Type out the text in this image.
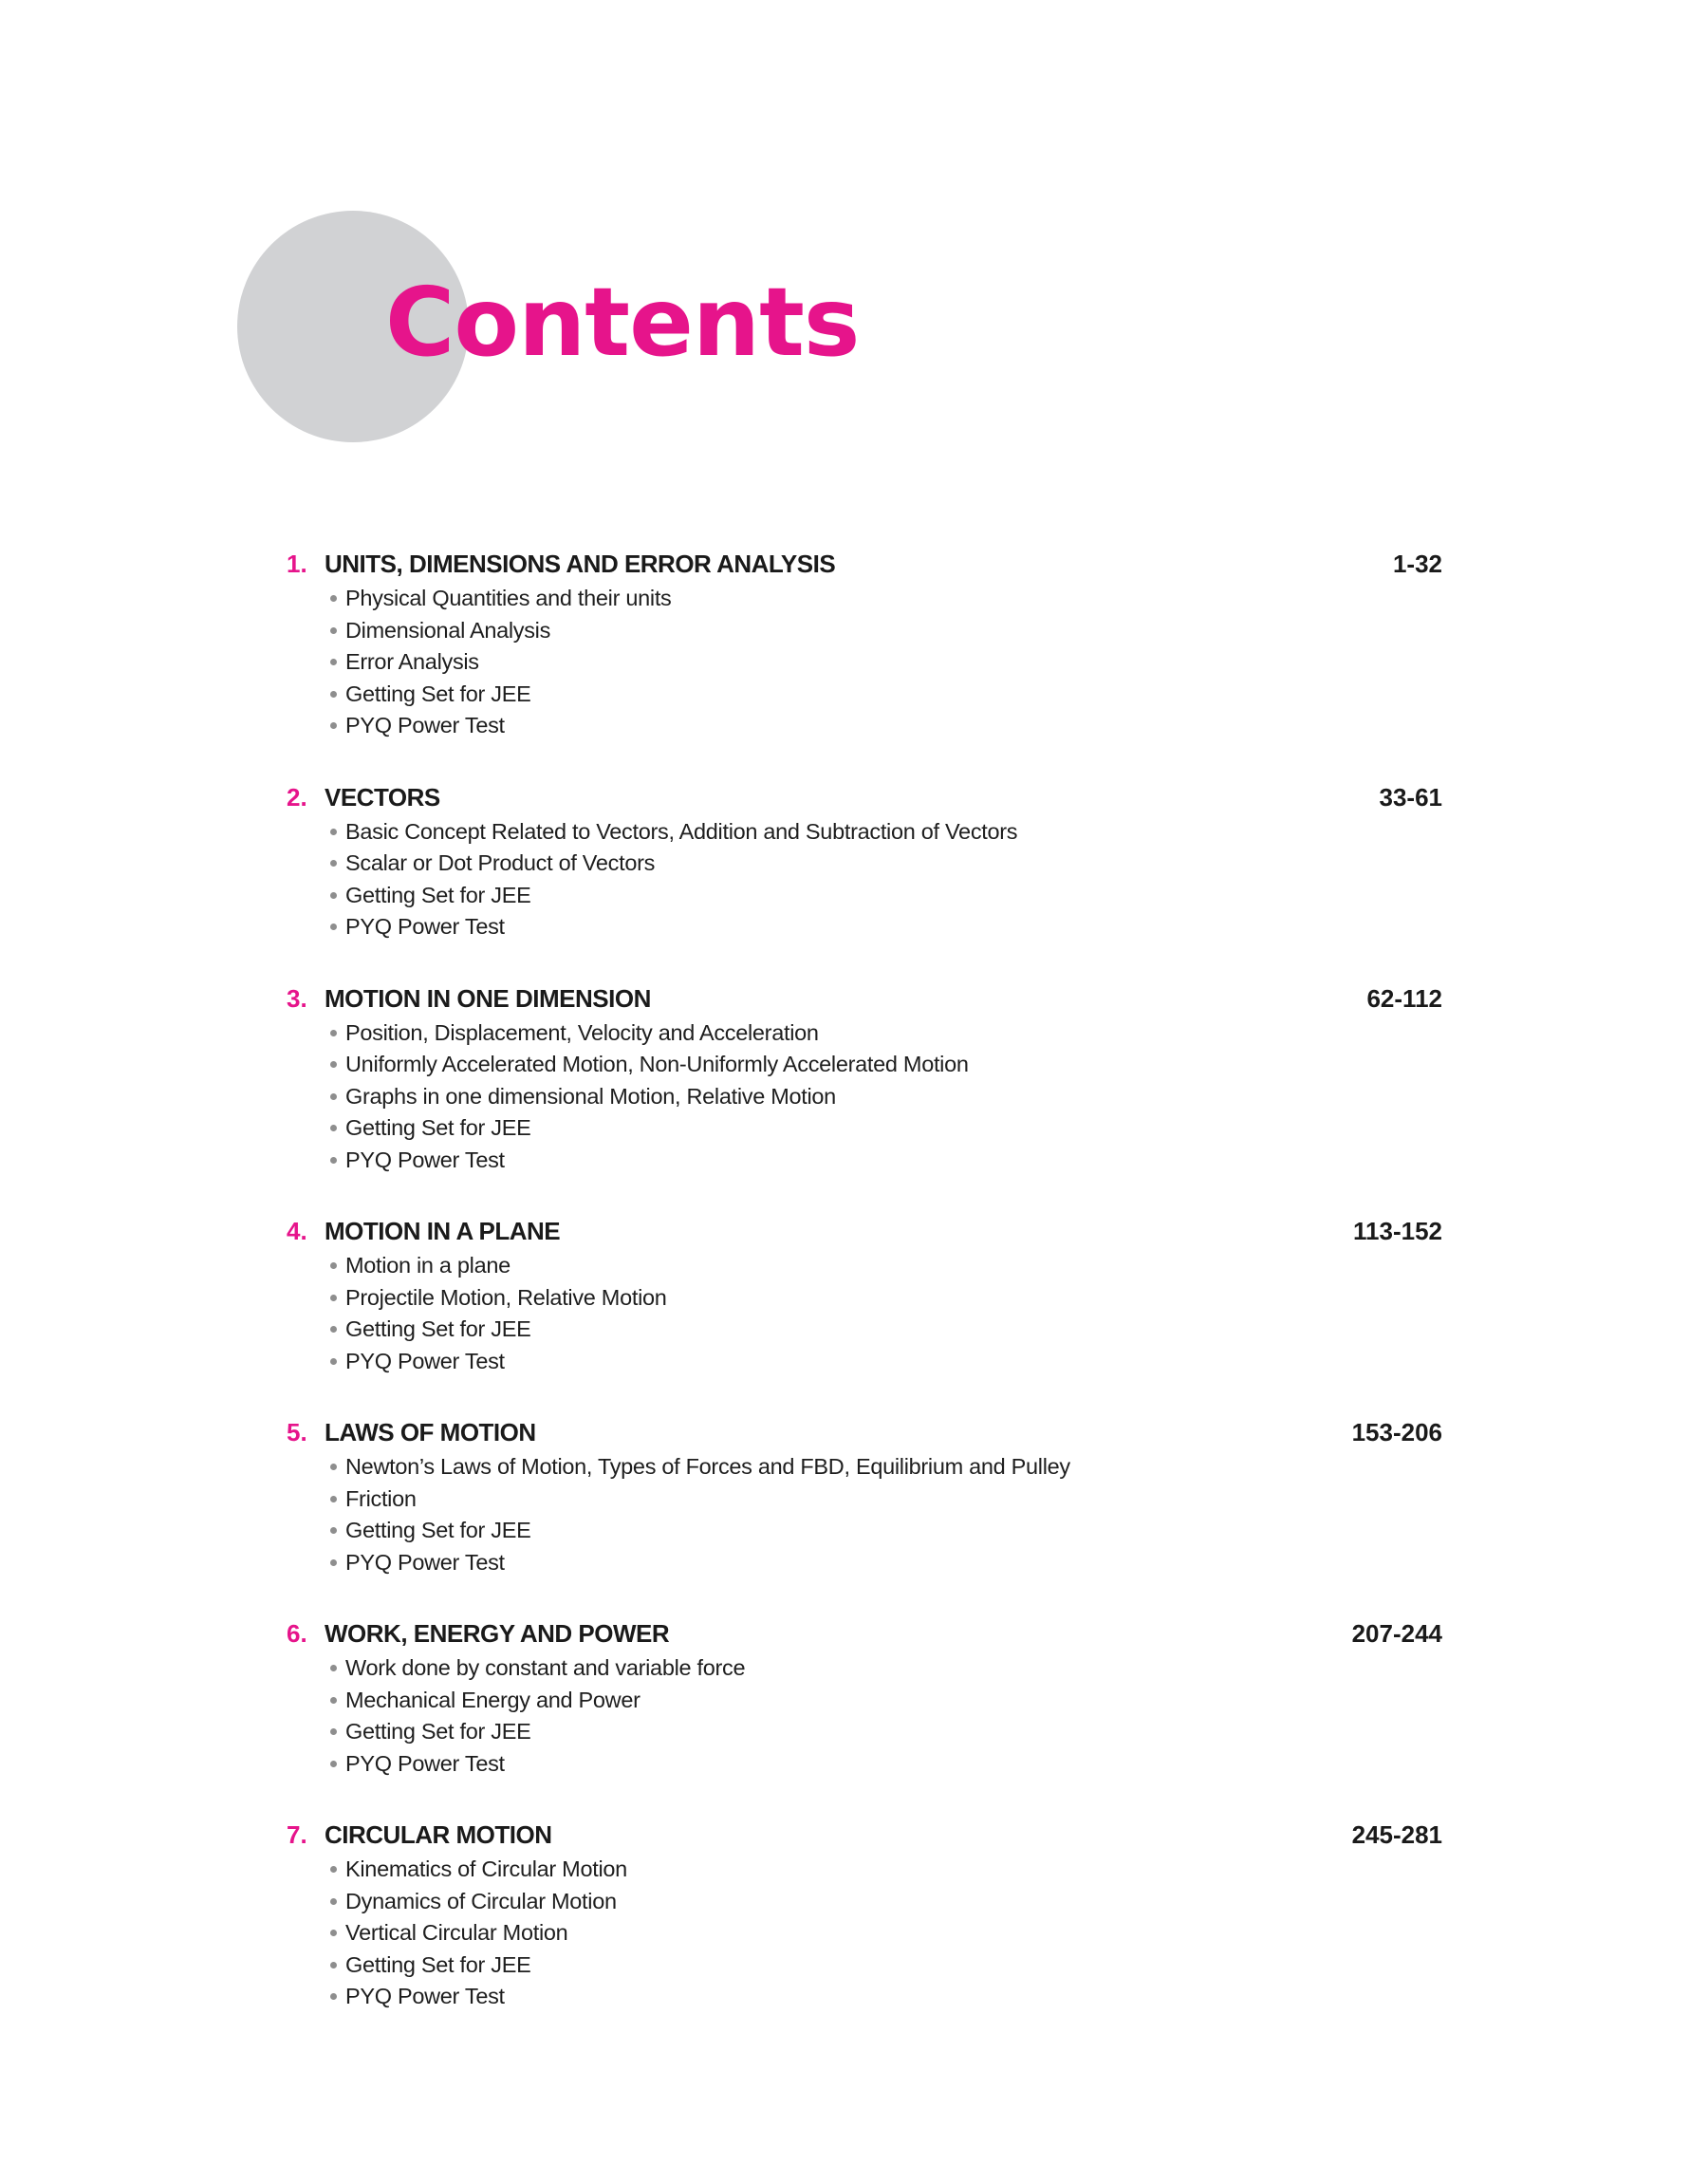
Contents
1. UNITS, DIMENSIONS AND ERROR ANALYSIS	1-32
Physical Quantities and their units
Dimensional Analysis
Error Analysis
Getting Set for JEE
PYQ Power Test
2. VECTORS	33-61
Basic Concept Related to Vectors, Addition and Subtraction of Vectors
Scalar or Dot Product of Vectors
Getting Set for JEE
PYQ Power Test
3. MOTION IN ONE DIMENSION	62-112
Position, Displacement, Velocity and Acceleration
Uniformly Accelerated Motion, Non-Uniformly Accelerated Motion
Graphs in one dimensional Motion, Relative Motion
Getting Set for JEE
PYQ Power Test
4. MOTION IN A PLANE	113-152
Motion in a plane
Projectile Motion, Relative Motion
Getting Set for JEE
PYQ Power Test
5. LAWS OF MOTION	153-206
Newton’s Laws of Motion, Types of Forces and FBD, Equilibrium and Pulley
Friction
Getting Set for JEE
PYQ Power Test
6. WORK, ENERGY AND POWER	207-244
Work done by constant and variable force
Mechanical Energy and Power
Getting Set for JEE
PYQ Power Test
7. CIRCULAR MOTION	245-281
Kinematics of Circular Motion
Dynamics of Circular Motion
Vertical Circular Motion
Getting Set for JEE
PYQ Power Test
